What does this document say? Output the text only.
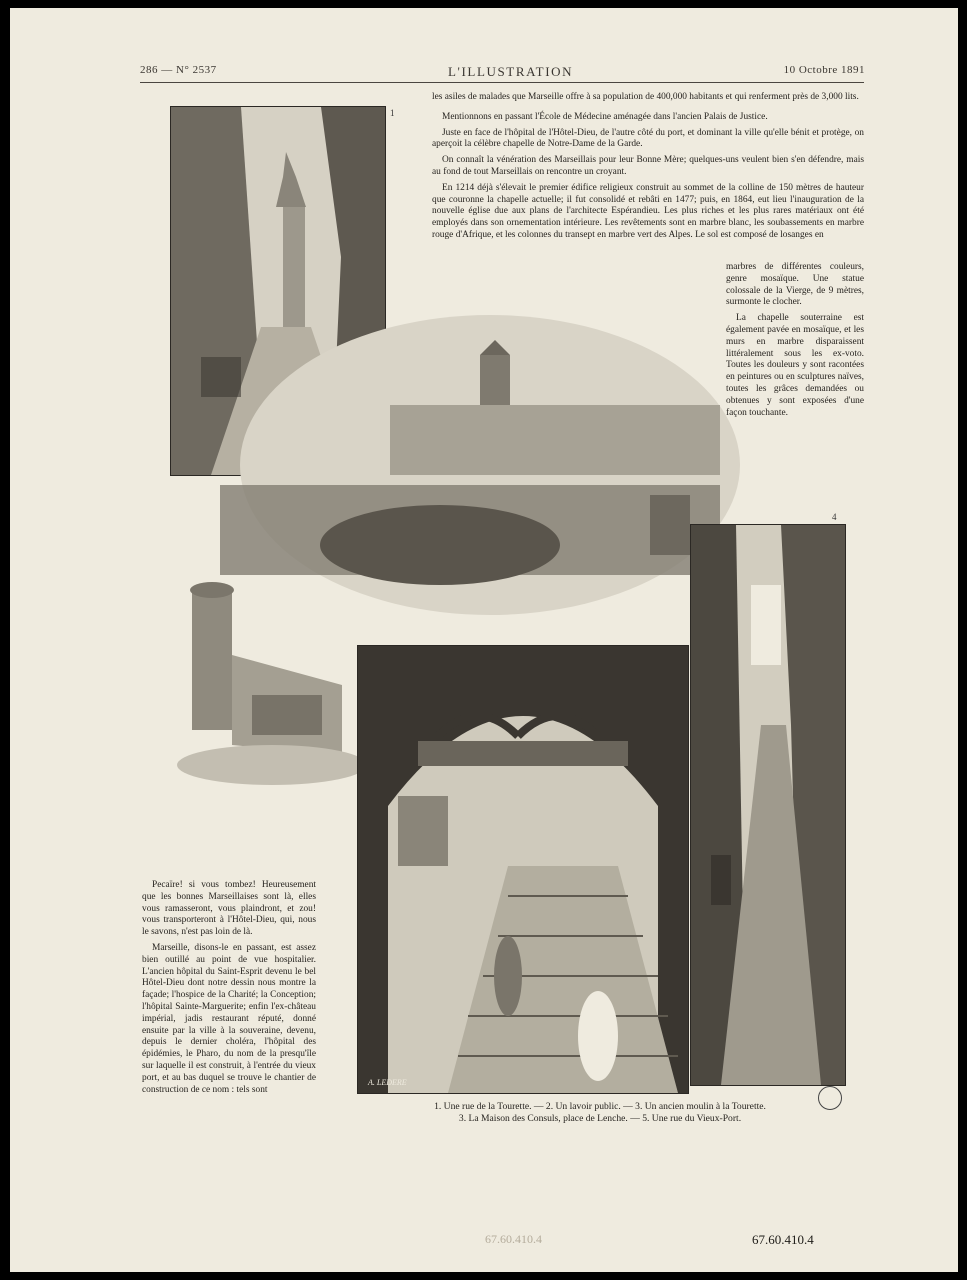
286 — N° 2537	L'ILLUSTRATION	10 Octobre 1891

les asiles de malades que Marseille offre à sa population de 400,000 habitants et qui renferment près de 3,000 lits.

Mentionnons en passant l'École de Médecine aménagée dans l'ancien Palais de Justice.

Juste en face de l'hôpital de l'Hôtel-Dieu, de l'autre côté du port, et dominant la ville qu'elle bénit et protège, on aperçoit la célèbre chapelle de Notre-Dame de la Garde.

On connaît la vénération des Marseillais pour leur Bonne Mère; quelques-uns veulent bien s'en défendre, mais au fond de tout Marseillais on rencontre un croyant.

En 1214 déjà s'élevait le premier édifice religieux construit au sommet de la colline de 150 mètres de hauteur que couronne la chapelle actuelle; il fut consolidé et rebâti en 1477; puis, en 1864, eut lieu l'inauguration de la nouvelle église due aux plans de l'architecte Espérandieu. Les plus riches et les plus rares matériaux ont été employés dans son ornementation intérieure. Les revêtements sont en marbre blanc, les soubassements en marbre rouge d'Afrique, et les colonnes du transept en marbre vert des Alpes. Le sol est composé de losanges en

marbres de différentes couleurs, genre mosaïque. Une statue colossale de la Vierge, de 9 mètres, surmonte le clocher.

La chapelle souterraine est également pavée en mosaïque, et les murs en marbre disparaissent littéralement sous les ex-voto. Toutes les douleurs y sont racontées en peintures ou en sculptures naïves, toutes les grâces demandées ou obtenues y sont exposées d'une façon touchante.

1
4
A. LEDERE

Pecaïre! si vous tombez! Heureusement que les bonnes Marseillaises sont là, elles vous ramasseront, vous plaindront, et zou! vous transporteront à l'Hôtel-Dieu, qui, nous le savons, n'est pas loin de là.

Marseille, disons-le en passant, est assez bien outillé au point de vue hospitalier. L'ancien hôpital du Saint-Esprit devenu le bel Hôtel-Dieu dont notre dessin nous montre la façade; l'hospice de la Charité; la Conception; l'hôpital Sainte-Marguerite; enfin l'ex-château impérial, jadis restaurant réputé, donné ensuite par la ville à la souveraine, devenu, depuis le dernier choléra, l'hôpital des épidémies, le Pharo, du nom de la presqu'île sur laquelle il est construit, à l'entrée du vieux port, et au bas duquel se trouve le chantier de construction de ce nom : tels sont

1. Une rue de la Tourette. — 2. Un lavoir public. — 3. Un ancien moulin à la Tourette.
3. La Maison des Consuls, place de Lenche. — 5. Une rue du Vieux-Port.
67.60.410.4	67.60.410.4
